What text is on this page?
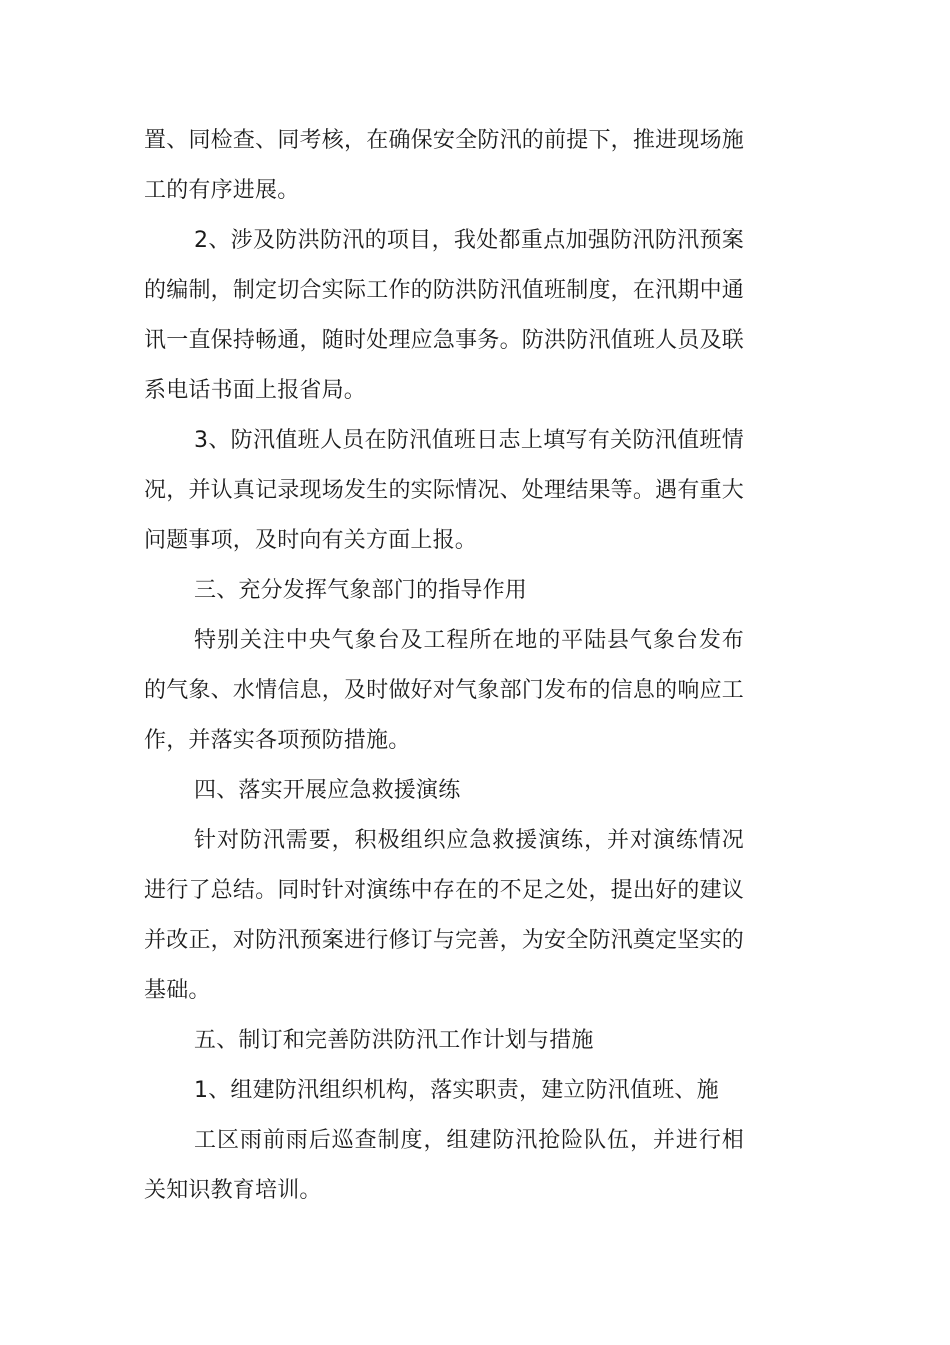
置、同检查、同考核，在确保安全防汛的前提下，推进现场施工的有序进展。

2、涉及防洪防汛的项目，我处都重点加强防汛防汛预案的编制，制定切合实际工作的防洪防汛值班制度，在汛期中通讯一直保持畅通，随时处理应急事务。防洪防汛值班人员及联系电话书面上报省局。

3、防汛值班人员在防汛值班日志上填写有关防汛值班情况，并认真记录现场发生的实际情况、处理结果等。遇有重大问题事项，及时向有关方面上报。

三、充分发挥气象部门的指导作用

特别关注中央气象台及工程所在地的平陆县气象台发布的气象、水情信息，及时做好对气象部门发布的信息的响应工作，并落实各项预防措施。

四、落实开展应急救援演练

针对防汛需要，积极组织应急救援演练，并对演练情况进行了总结。同时针对演练中存在的不足之处，提出好的建议并改正，对防汛预案进行修订与完善，为安全防汛奠定坚实的基础。

五、制订和完善防洪防汛工作计划与措施

1、组建防汛组织机构，落实职责，建立防汛值班、施

工区雨前雨后巡查制度，组建防汛抢险队伍，并进行相关知识教育培训。
